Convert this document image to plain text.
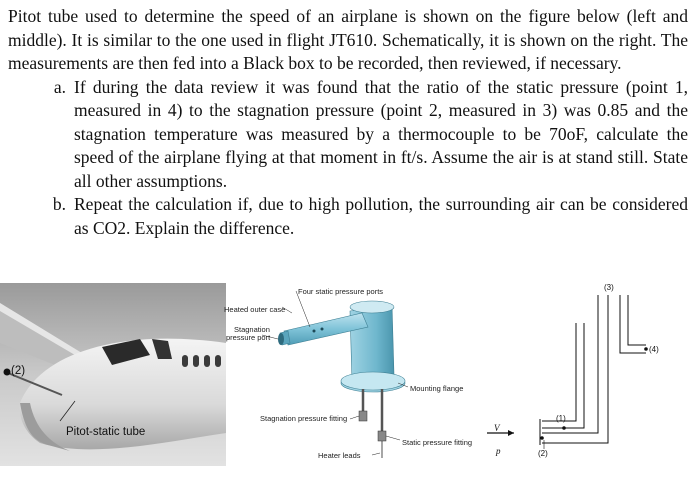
Pitot tube used to determine the speed of an airplane is shown on the figure below (left and middle). It is similar to the one used in flight JT610. Schematically, it is shown on the right. The measurements are then fed into a Black box to be recorded, then reviewed, if necessary.

a. If during the data review it was found that the ratio of the static pressure (point 1, measured in 4) to the stagnation pressure (point 2, measured in 3) was 0.85 and the stagnation temperature was measured by a thermocouple to be 70oF, calculate the speed of the airplane flying at that moment in ft/s. Assume the air is at stand still. State all other assumptions.
b. Repeat the calculation if, due to high pollution, the surrounding air can be considered as CO2. Explain the difference.
(2)
Pitot-static tube
Four static pressure ports
Heated outer case
Stagnation
pressure port
Mounting flange
Stagnation pressure fitting
Static pressure fitting
Heater leads
(3)
(4)
(1)
(2)
V
p
